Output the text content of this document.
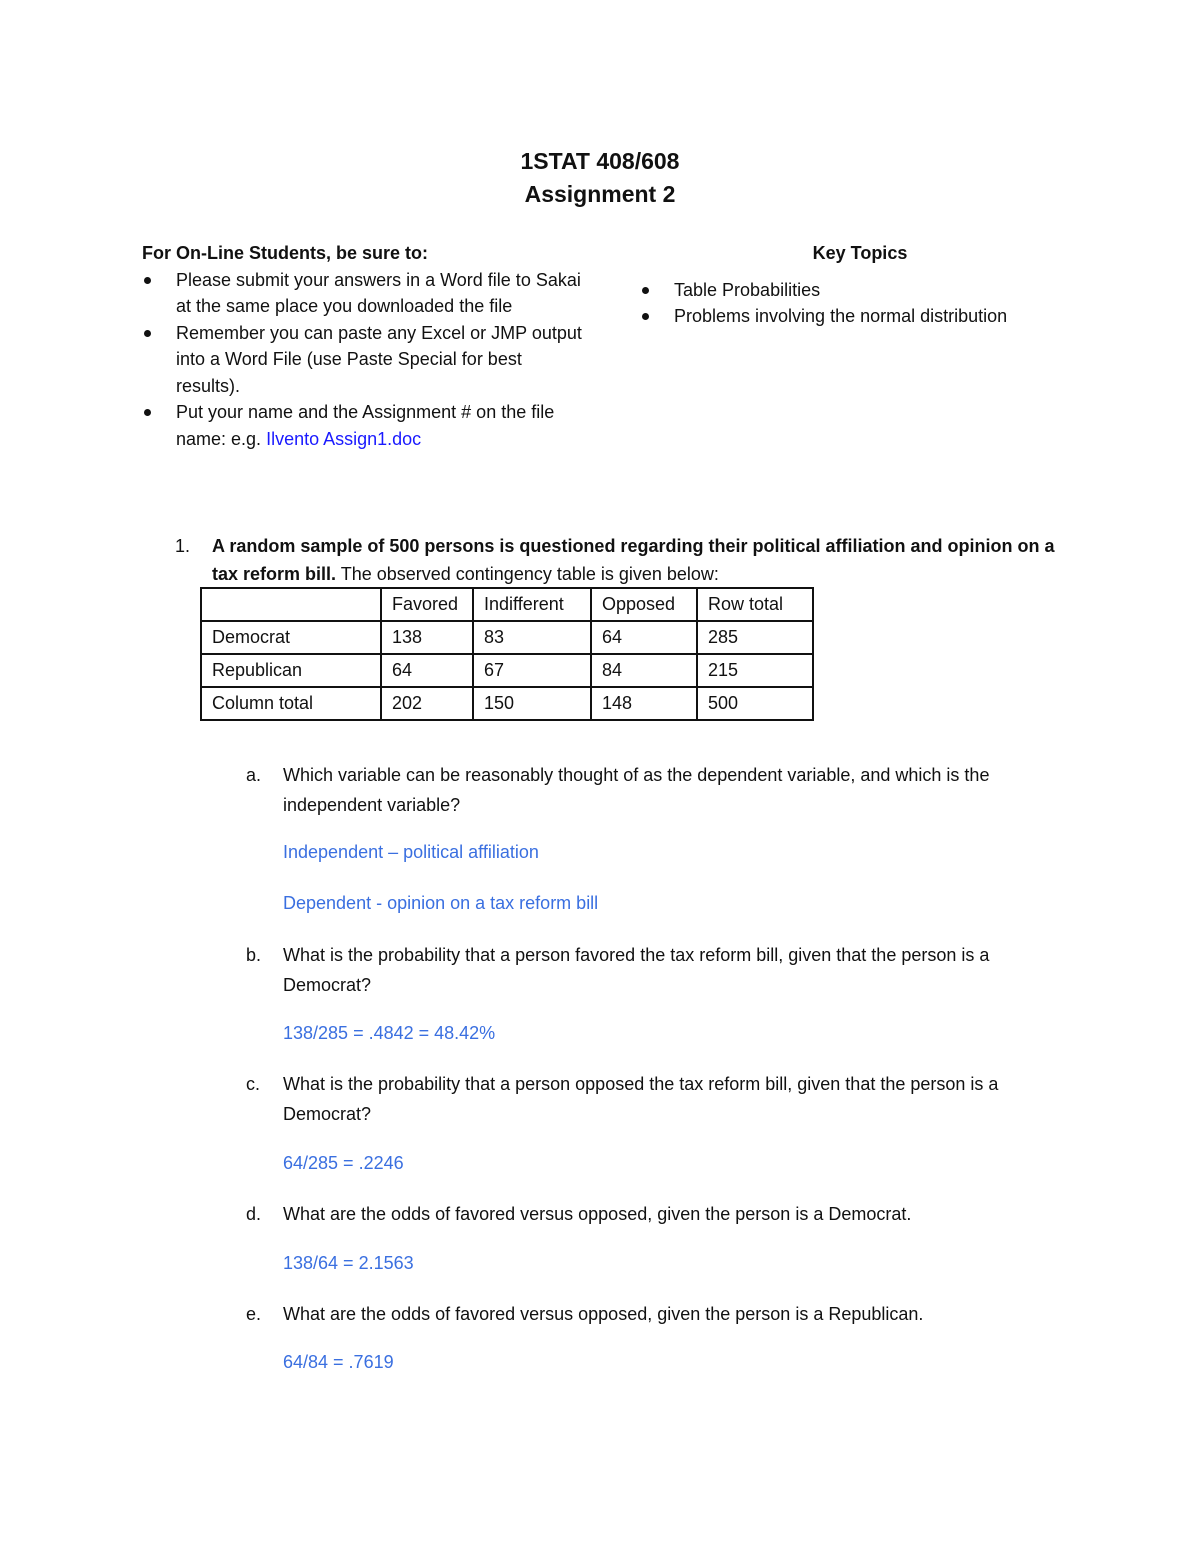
1STAT 408/608
Assignment 2
For On-Line Students, be sure to:
Please submit your answers in a Word file to Sakai at the same place you downloaded the file
Remember you can paste any Excel or JMP output into a Word File (use Paste Special for best results).
Put your name and the Assignment # on the file name: e.g. Ilvento Assign1.doc
Key Topics
Table Probabilities
Problems involving the normal distribution
1. A random sample of 500 persons is questioned regarding their political affiliation and opinion on a tax reform bill. The observed contingency table is given below:
	Favored	Indifferent	Opposed	Row total
Democrat	138	83	64	285
Republican	64	67	84	215
Column total	202	150	148	500
a. Which variable can be reasonably thought of as the dependent variable, and which is the independent variable?
Independent – political affiliation
Dependent - opinion on a tax reform bill
b. What is the probability that a person favored the tax reform bill, given that the person is a Democrat?
138/285 = .4842 = 48.42%
c. What is the probability that a person opposed the tax reform bill, given that the person is a Democrat?
64/285 = .2246
d. What are the odds of favored versus opposed, given the person is a Democrat.
138/64 = 2.1563
e. What are the odds of favored versus opposed, given the person is a Republican.
64/84 = .7619
